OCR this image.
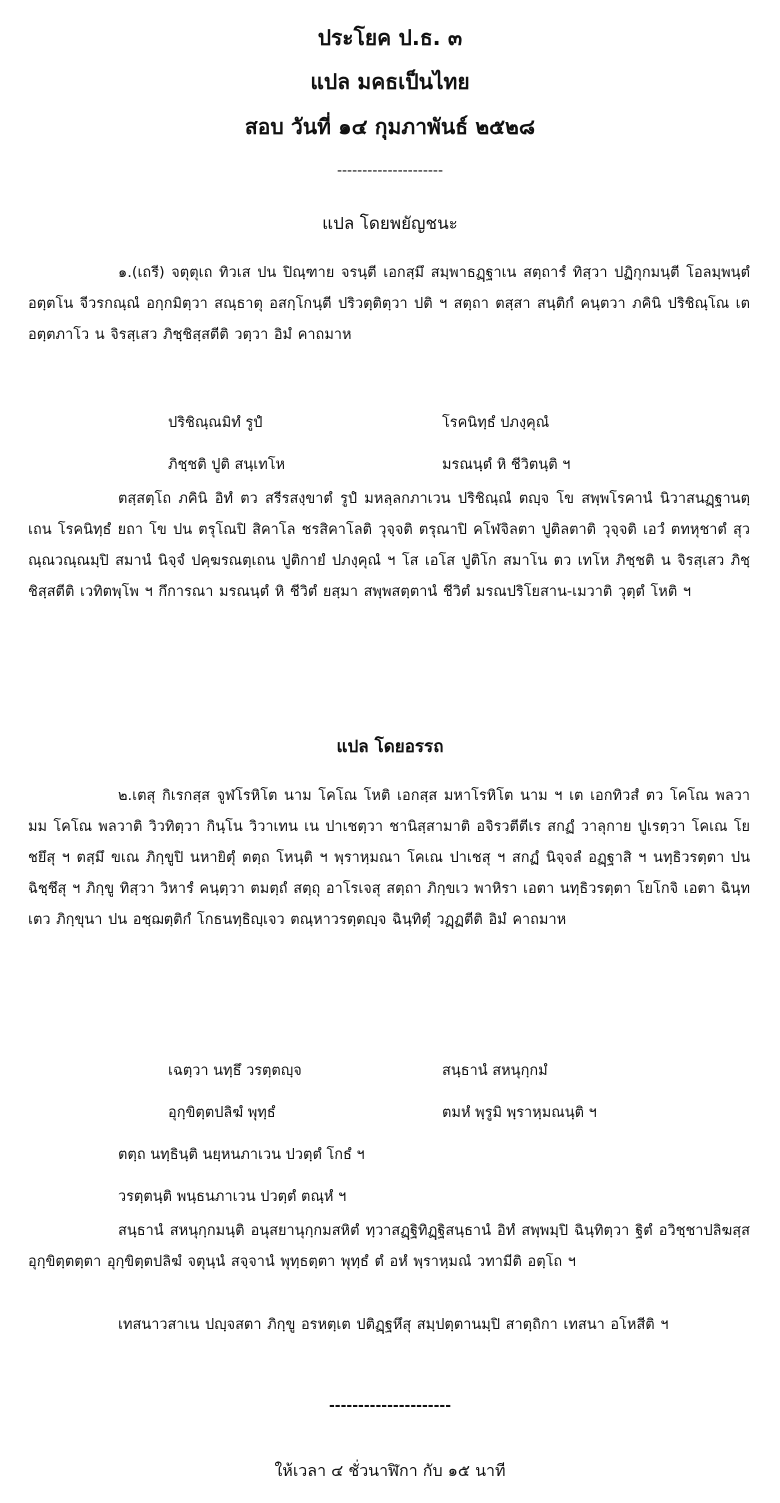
ประโยค ป.ธ. ๓
แปล มคธเป็นไทย
สอบ วันที่ ๑๔ กุมภาพันธ์ ๒๕๒๘
---------------------
แปล โดยพยัญชนะ
๑.(เถรี) จตุตุเถ ทิวเส ปน ปิณฺฑาย จรนฺตี เอกสฺมึ สมฺพาธฏฺฐาเน สตฺถารํ ทิสฺวา ปฏิกุกมนฺตี โอลมฺพนฺตํ อตฺตโน จีวรกณฺณํ อกฺกมิตฺวา สณฺธาตุ อสกฺโกนฺตี ปริวตฺติตฺวา ปติ ฯ สตฺถา ตสฺสา สนฺติกํ คนฺตวา ภคินิ ปริชิณฺโณ เต อตฺตภาโว น จิรสฺเสว ภิชฺชิสฺสตีติ วตฺวา อิมํ คาถมาห
ปริชิณฺณมิทํ รูปํ	โรคนิทฺธํ ปภงฺคุณํ
ภิชฺชติ ปูติ สนฺเทโห	มรณนฺตํ หิ ชีวิตนฺติ ฯ
ตสฺสตฺโถ ภคินิ อิทํ ตว สรีรสงฺขาตํ รูปํ มหลฺลกภาเวน ปริชิณฺณํ ตญฺจ โข สพฺพโรคานํ นิวาสนฏฺฐานตฺเถน โรคนิทฺธํ ยถา โข ปน ตรุโณปิ สิคาโล ชรสิคาโลติ วุจฺจติ ตรุณาปิ คโฬจิลตา ปูติลตาติ วุจฺจติ เอวํ ตทหุชาตํ สุวณฺณวณฺณมฺปิ สมานํ นิจฺจํ ปคฺฆรณตฺเถน ปูติกายํ ปภงฺคุณํ ฯ โส เอโส ปูติโก สมาโน ตว เทโห ภิชฺชติ น จิรสฺเสว ภิชฺชิสฺสตีติ เวทิตพฺโพ ฯ กึการณา มรณนฺตํ หิ ชีวิตํ ยสฺมา สพฺพสตฺตานํ ชีวิตํ มรณปริโยสาน-เมวาติ วุตฺตํ โหติ ฯ
แปล โดยอรรถ
๒.เตสุ กิเรกสฺส จูฬโรหิโต นาม โคโณ โหติ เอกสฺส มหาโรหิโต นาม ฯ เต เอกทิวสํ ตว โคโณ พลวา มม โคโณ พลวาติ วิวทิตฺวา กินฺโน วิวาเทน เน ปาเชตฺวา ชานิสฺสามาติ อจิรวตีตีเร สกฏํ วาลุกาย ปูเรตฺวา โคเณ โยชยึสุ ฯ ตสฺมึ ขเณ ภิกฺขูปิ นหายิตุํ ตตฺถ โหนฺติ ฯ พฺราหฺมณา โคเณ ปาเชสุ ฯ สกฏํ นิจฺจลํ อฏฺฐาสิ ฯ นทฺธิวรตฺตา ปน ฉิชฺชึสุ ฯ ภิกฺขู ทิสฺวา วิหารํ คนฺตฺวา ตมตฺถํ สตฺถุ อาโรเจสุ สตฺถา ภิกฺขเว พาหิรา เอตา นทฺธิวรตฺตา โยโกจิ เอตา ฉินฺทเตว ภิกฺขุนา ปน อชฺฌตฺติกํ โกธนทฺธิญฺเจว ตณฺหาวรตฺตญฺจ ฉินฺทิตุํ วฏฺฏตีติ อิมํ คาถมาห
เฉตฺวา นทฺธึ วรตฺตญฺจ	สนฺธานํ สหนุกฺกมํ
อุกฺขิตฺตปลิฆํ พุทฺธํ	ตมหํ พฺรูมิ พฺราหฺมณนฺติ ฯ
ตตฺถ นทฺธินฺติ นยฺหนภาเวน ปวตฺตํ โกธํ ฯ
วรตฺตนฺติ พนฺธนภาเวน ปวตฺตํ ตณฺหํ ฯ
สนฺธานํ สหนุกฺกมนฺติ อนุสยานุกฺกมสหิตํ ทฺวาสฏฺฐิทิฏฺฐิสนฺธานํ อิทํ สพฺพมฺปิ ฉินฺทิตฺวา ฐิตํ อวิชฺชาปลิฆสฺส อุกฺขิตฺตตฺตา อุกฺขิตฺตปลิฆํ จตุนฺนํ สจฺจานํ พุทฺธตฺตา พุทฺธํ ตํ อหํ พฺราหฺมณํ วทามีติ อตฺโถ ฯ
เทสนาวสาเน ปญฺจสตา ภิกฺขู อรหตฺเต ปติฏฺฐหึสุ สมฺปตฺตานมฺปิ สาตฺถิกา เทสนา อโหสีติ ฯ
---------------------
ให้เวลา ๔ ชั่วนาฬิกา กับ ๑๕ นาที
